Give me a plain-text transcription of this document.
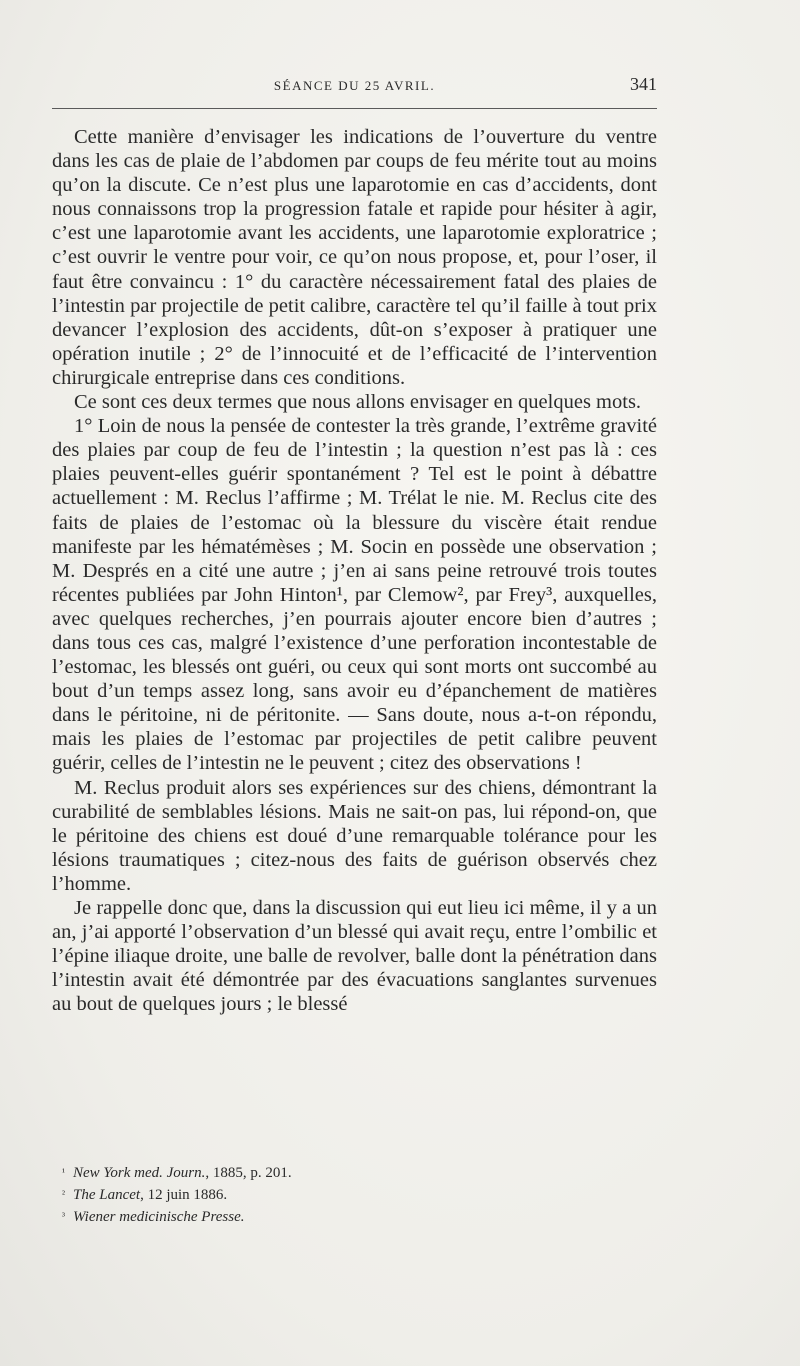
SÉANCE DU 25 AVRIL.	341

Cette manière d’envisager les indications de l’ouverture du ventre dans les cas de plaie de l’abdomen par coups de feu mérite tout au moins qu’on la discute. Ce n’est plus une laparotomie en cas d’accidents, dont nous connaissons trop la progression fatale et rapide pour hésiter à agir, c’est une laparotomie avant les accidents, une laparotomie exploratrice ; c’est ouvrir le ventre pour voir, ce qu’on nous propose, et, pour l’oser, il faut être convaincu : 1° du caractère nécessairement fatal des plaies de l’intestin par projectile de petit calibre, caractère tel qu’il faille à tout prix devancer l’explosion des accidents, dût-on s’exposer à pratiquer une opération inutile ; 2° de l’innocuité et de l’efficacité de l’intervention chirurgicale entreprise dans ces conditions.

Ce sont ces deux termes que nous allons envisager en quelques mots.

1° Loin de nous la pensée de contester la très grande, l’extrême gravité des plaies par coup de feu de l’intestin ; la question n’est pas là : ces plaies peuvent-elles guérir spontanément ? Tel est le point à débattre actuellement : M. Reclus l’affirme ; M. Trélat le nie. M. Reclus cite des faits de plaies de l’estomac où la blessure du viscère était rendue manifeste par les hématémèses ; M. Socin en possède une observation ; M. Després en a cité une autre ; j’en ai sans peine retrouvé trois toutes récentes publiées par John Hinton¹, par Clemow², par Frey³, auxquelles, avec quelques recherches, j’en pourrais ajouter encore bien d’autres ; dans tous ces cas, malgré l’existence d’une perforation incontestable de l’estomac, les blessés ont guéri, ou ceux qui sont morts ont succombé au bout d’un temps assez long, sans avoir eu d’épanchement de matières dans le péritoine, ni de péritonite. — Sans doute, nous a-t-on répondu, mais les plaies de l’estomac par projectiles de petit calibre peuvent guérir, celles de l’intestin ne le peuvent ; citez des observations !

M. Reclus produit alors ses expériences sur des chiens, démontrant la curabilité de semblables lésions. Mais ne sait-on pas, lui répond-on, que le péritoine des chiens est doué d’une remarquable tolérance pour les lésions traumatiques ; citez-nous des faits de guérison observés chez l’homme.

Je rappelle donc que, dans la discussion qui eut lieu ici même, il y a un an, j’ai apporté l’observation d’un blessé qui avait reçu, entre l’ombilic et l’épine iliaque droite, une balle de revolver, balle dont la pénétration dans l’intestin avait été démontrée par des évacuations sanglantes survenues au bout de quelques jours ; le blessé

$^{^1}$ New York med. Journ., 1885, p. 201.

$^{^2}$ The Lancet, 12 juin 1886.

$^{^3}$ Wiener medicinische Presse.
